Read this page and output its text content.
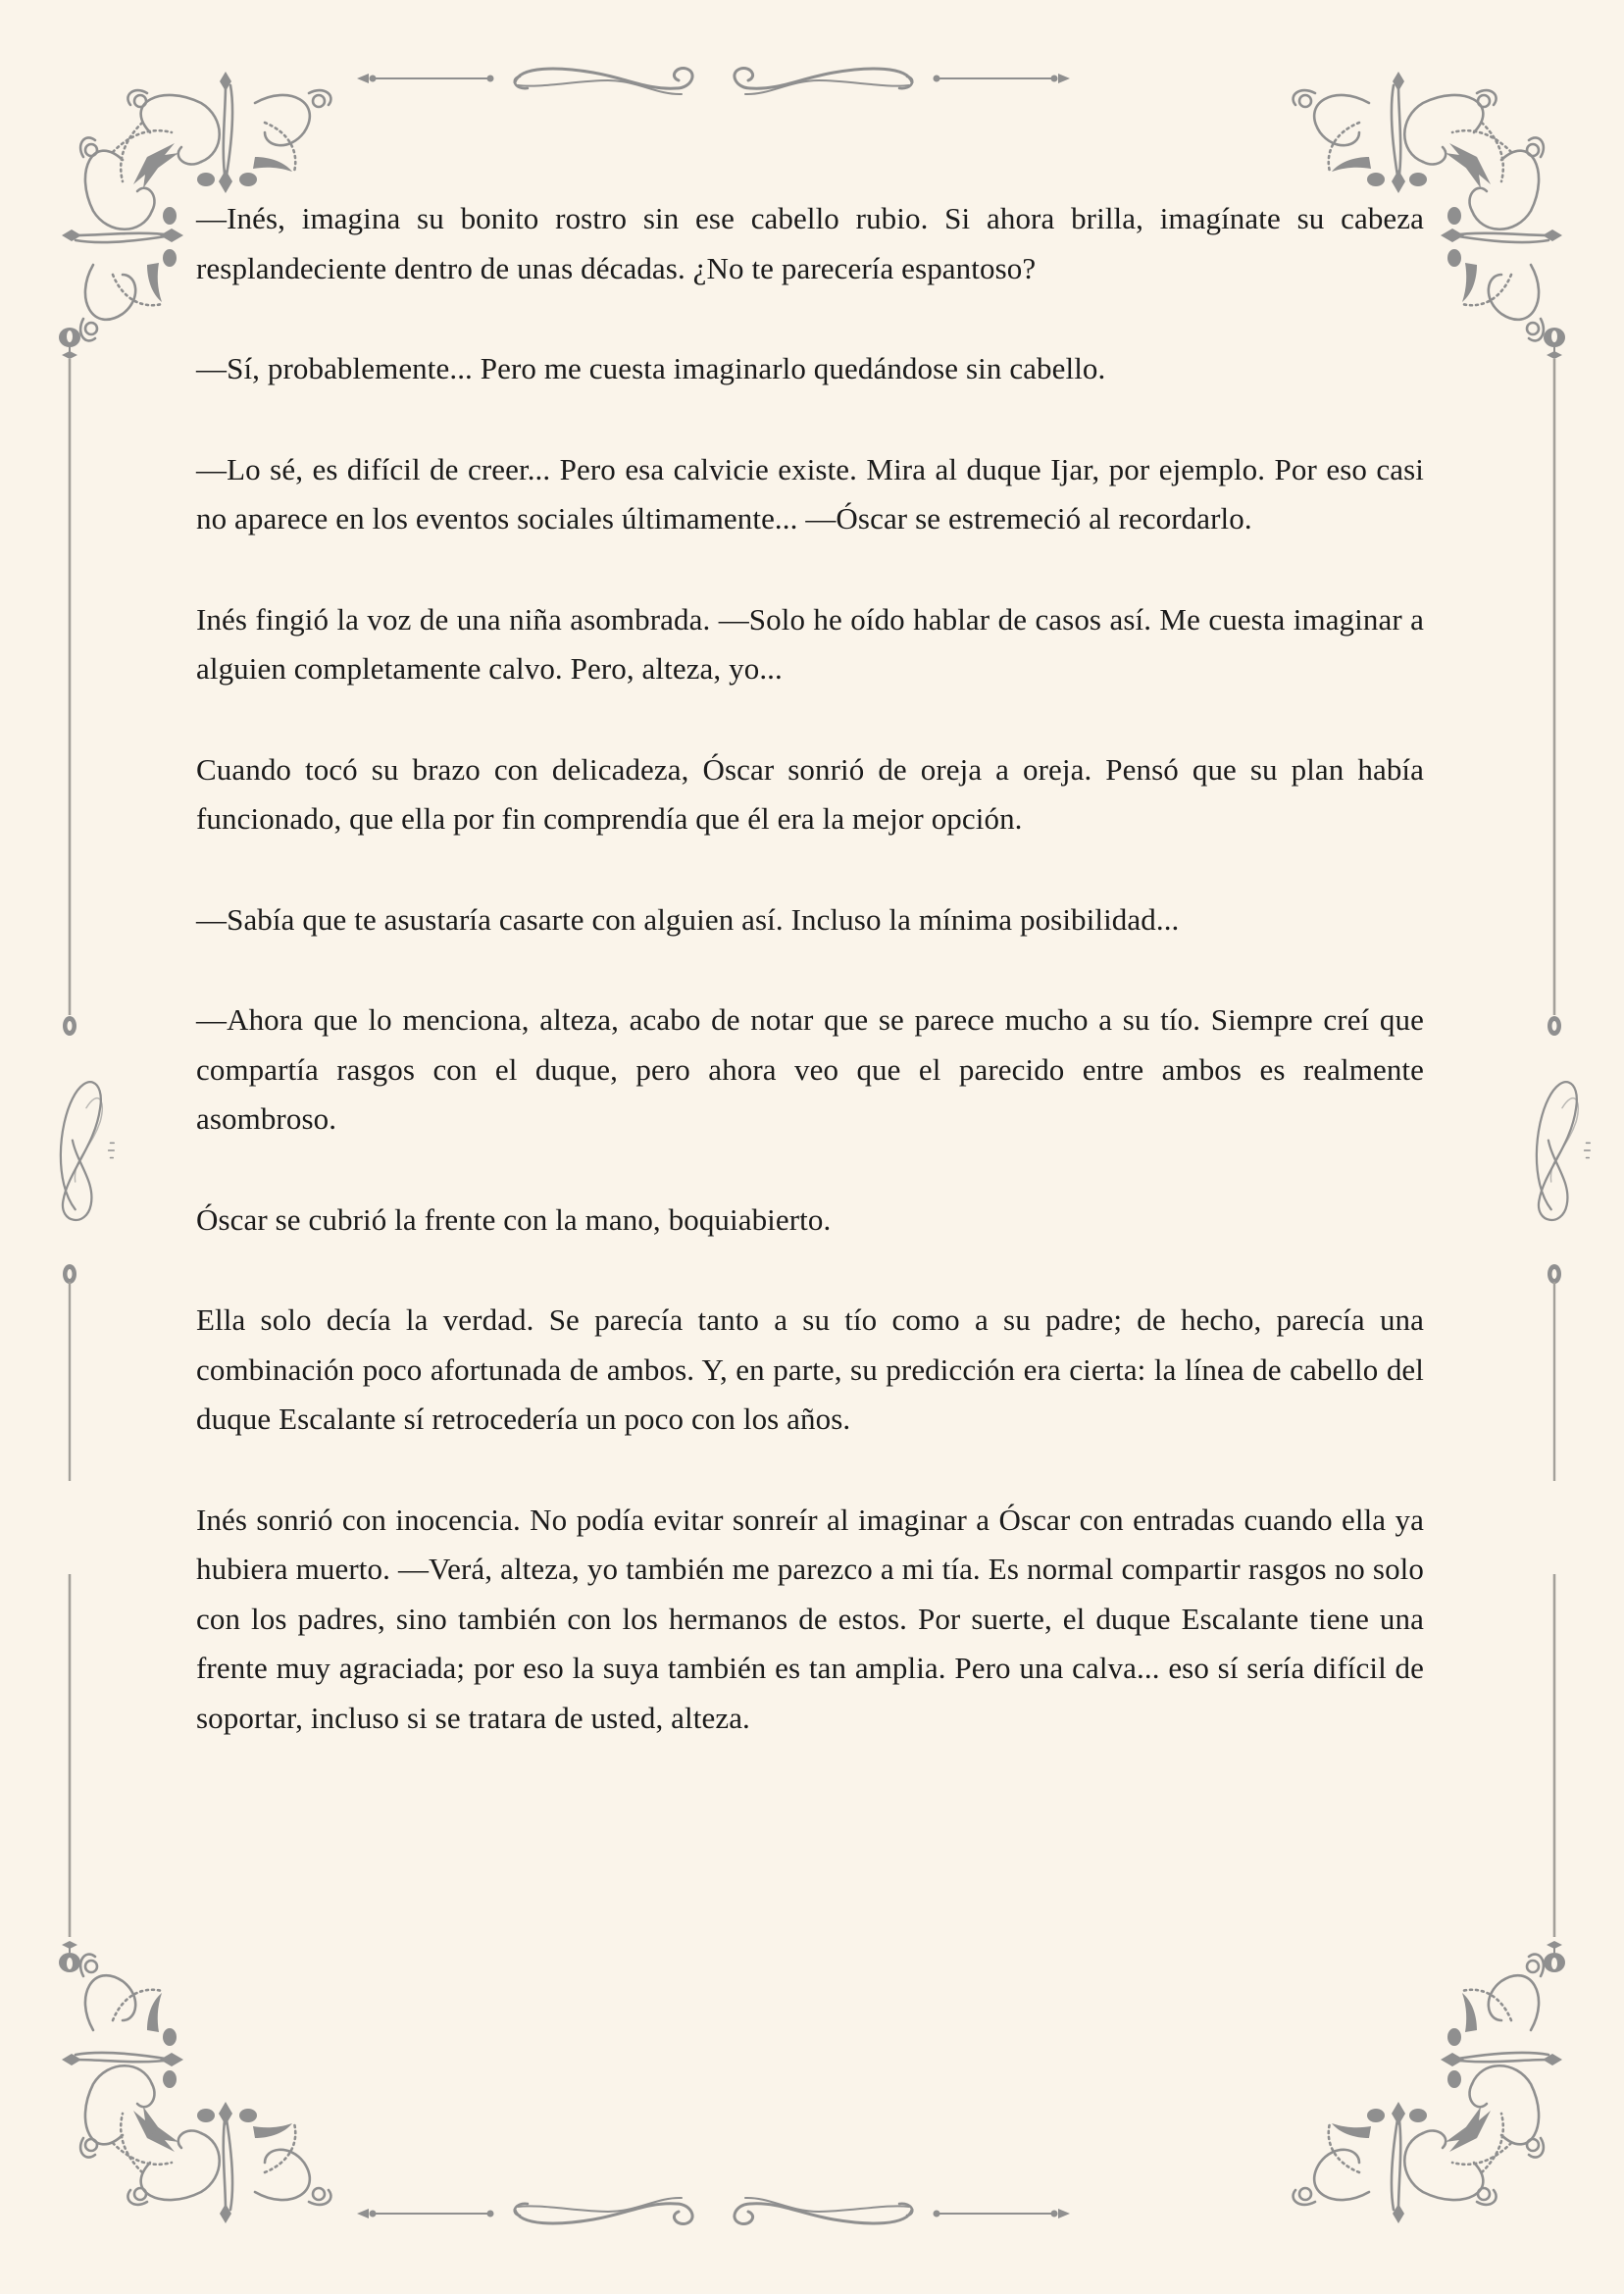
—Inés, imagina su bonito rostro sin ese cabello rubio. Si ahora brilla, imagínate su cabeza resplandeciente dentro de unas décadas. ¿No te parecería espantoso?

—Sí, probablemente... Pero me cuesta imaginarlo quedándose sin cabello.

—Lo sé, es difícil de creer... Pero esa calvicie existe. Mira al duque Ijar, por ejemplo. Por eso casi no aparece en los eventos sociales últimamente... —Óscar se estremeció al recordarlo.

Inés fingió la voz de una niña asombrada. —Solo he oído hablar de casos así. Me cuesta imaginar a alguien completamente calvo. Pero, alteza, yo...

Cuando tocó su brazo con delicadeza, Óscar sonrió de oreja a oreja. Pensó que su plan había funcionado, que ella por fin comprendía que él era la mejor opción.

—Sabía que te asustaría casarte con alguien así. Incluso la mínima posibilidad...

—Ahora que lo menciona, alteza, acabo de notar que se parece mucho a su tío. Siempre creí que compartía rasgos con el duque, pero ahora veo que el parecido entre ambos es realmente asombroso.

Óscar se cubrió la frente con la mano, boquiabierto.

Ella solo decía la verdad. Se parecía tanto a su tío como a su padre; de hecho, parecía una combinación poco afortunada de ambos. Y, en parte, su predicción era cierta: la línea de cabello del duque Escalante sí retrocedería un poco con los años.

Inés sonrió con inocencia. No podía evitar sonreír al imaginar a Óscar con entradas cuando ella ya hubiera muerto. —Verá, alteza, yo también me parezco a mi tía. Es normal compartir rasgos no solo con los padres, sino también con los hermanos de estos. Por suerte, el duque Escalante tiene una frente muy agraciada; por eso la suya también es tan amplia. Pero una calva... eso sí sería difícil de soportar, incluso si se tratara de usted, alteza.
